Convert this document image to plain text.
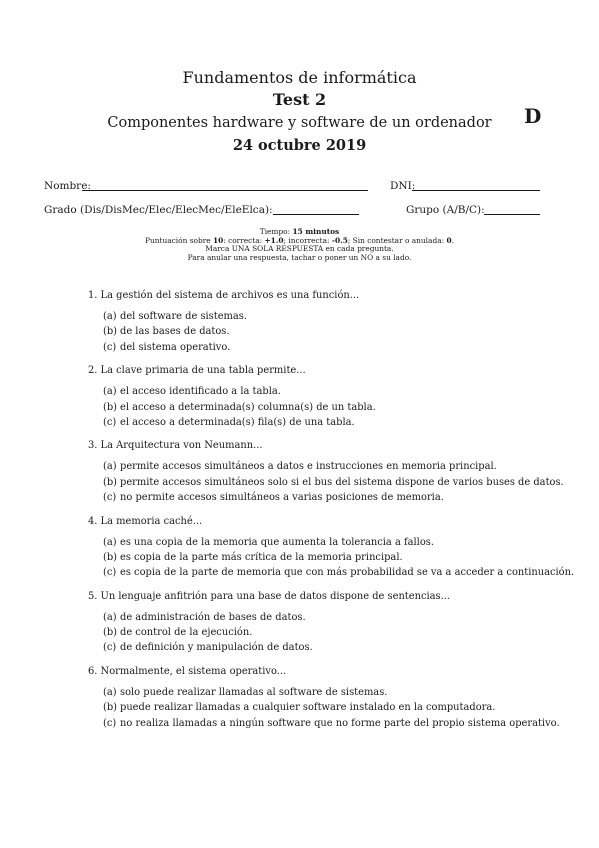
Fundamentos de informática
Test 2
Componentes hardware y software de un ordenador
24 octubre 2019
D
Nombre:	DNI:
Grado (Dis/DisMec/Elec/ElecMec/EleElca):	Grupo (A/B/C):
Tiempo: 15 minutos
Puntuación sobre 10: correcta: +1.0; incorrecta: -0.5; Sin contestar o anulada: 0.
Marca UNA SOLA RESPUESTA en cada pregunta.
Para anular una respuesta, tachar o poner un NO a su lado.
1. La gestión del sistema de archivos es una función...
(a) del software de sistemas.
(b) de las bases de datos.
(c) del sistema operativo.
2. La clave primaria de una tabla permite...
(a) el acceso identificado a la tabla.
(b) el acceso a determinada(s) columna(s) de un tabla.
(c) el acceso a determinada(s) fila(s) de una tabla.
3. La Arquitectura von Neumann...
(a) permite accesos simultáneos a datos e instrucciones en memoria principal.
(b) permite accesos simultáneos solo si el bus del sistema dispone de varios buses de datos.
(c) no permite accesos simultáneos a varias posiciones de memoria.
4. La memoria caché...
(a) es una copia de la memoria que aumenta la tolerancia a fallos.
(b) es copia de la parte más crítica de la memoria principal.
(c) es copia de la parte de memoria que con más probabilidad se va a acceder a continuación.
5. Un lenguaje anfitrión para una base de datos dispone de sentencias...
(a) de administración de bases de datos.
(b) de control de la ejecución.
(c) de definición y manipulación de datos.
6. Normalmente, el sistema operativo...
(a) solo puede realizar llamadas al software de sistemas.
(b) puede realizar llamadas a cualquier software instalado en la computadora.
(c) no realiza llamadas a ningún software que no forme parte del propio sistema operativo.
